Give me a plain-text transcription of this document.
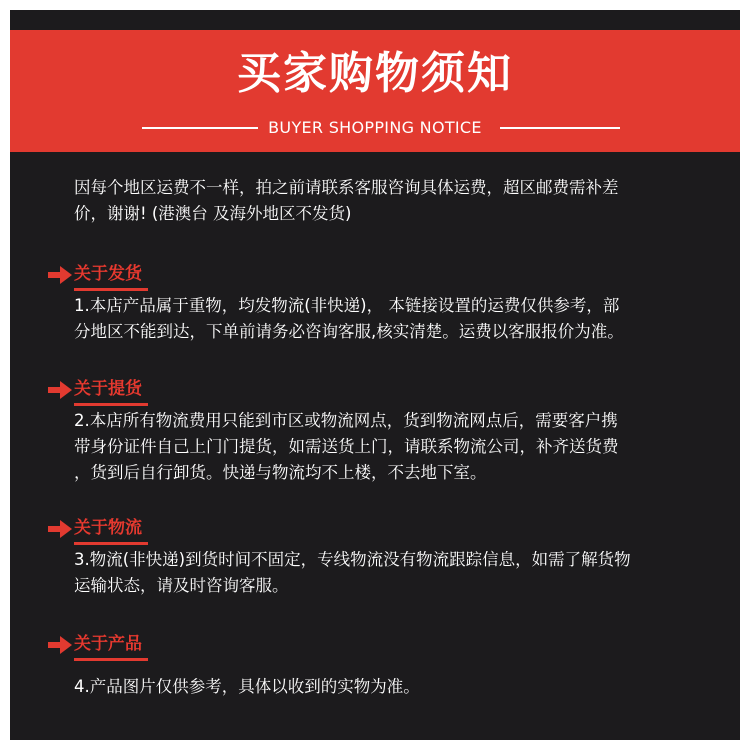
买家购物须知
BUYER SHOPPING NOTICE

因每个地区运费不一样，拍之前请联系客服咨询具体运费，超区邮费需补差
价，谢谢! (港澳台 及海外地区不发货)

关于发货

1.本店产品属于重物，均发物流(非快递)， 本链接设置的运费仅供参考，部
分地区不能到达，下单前请务必咨询客服,核实清楚。运费以客服报价为准。

关于提货

2.本店所有物流费用只能到市区或物流网点，货到物流网点后，需要客户携
带身份证件自己上门门提货，如需送货上门，请联系物流公司，补齐送货费
，货到后自行卸货。快递与物流均不上楼，不去地下室。

关于物流

3.物流(非快递)到货时间不固定，专线物流没有物流跟踪信息，如需了解货物
运输状态，请及时咨询客服。

关于产品

4.产品图片仅供参考，具体以收到的实物为准。
